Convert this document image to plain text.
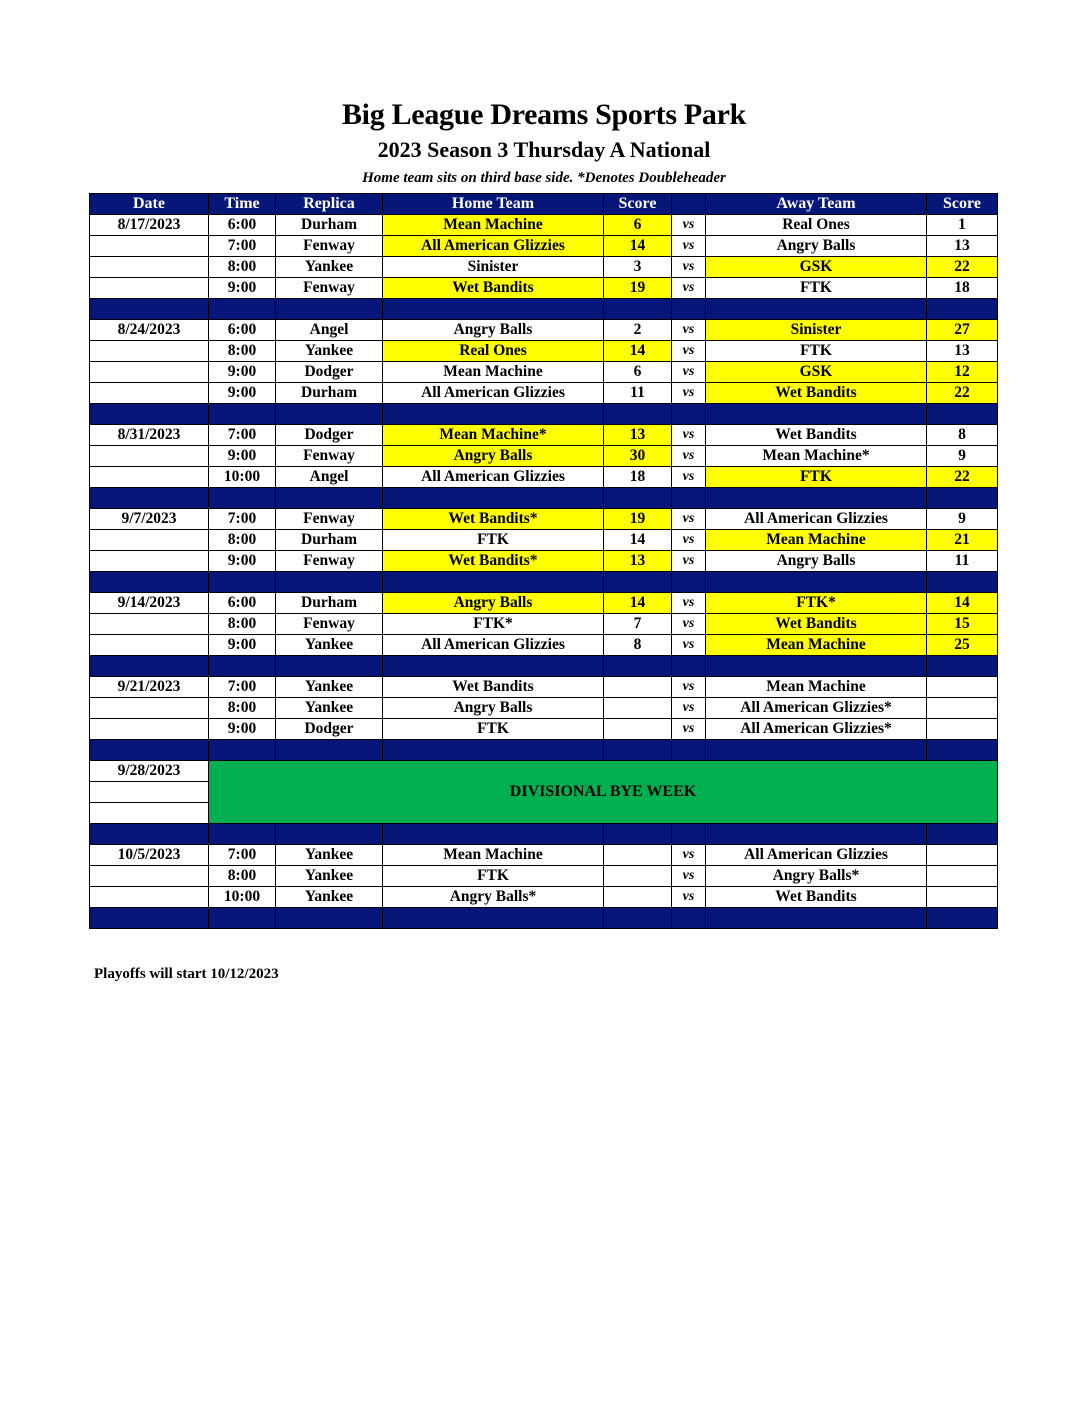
Big League Dreams Sports Park
2023 Season 3 Thursday A National
Home team sits on third base side. *Denotes Doubleheader
Date	Time	Replica	Home Team	Score		Away Team	Score
8/17/2023	6:00	Durham	Mean Machine	6	vs	Real Ones	1
	7:00	Fenway	All American Glizzies	14	vs	Angry Balls	13
	8:00	Yankee	Sinister	3	vs	GSK	22
	9:00	Fenway	Wet Bandits	19	vs	FTK	18

8/24/2023	6:00	Angel	Angry Balls	2	vs	Sinister	27
	8:00	Yankee	Real Ones	14	vs	FTK	13
	9:00	Dodger	Mean Machine	6	vs	GSK	12
	9:00	Durham	All American Glizzies	11	vs	Wet Bandits	22

8/31/2023	7:00	Dodger	Mean Machine*	13	vs	Wet Bandits	8
	9:00	Fenway	Angry Balls	30	vs	Mean Machine*	9
	10:00	Angel	All American Glizzies	18	vs	FTK	22

9/7/2023	7:00	Fenway	Wet Bandits*	19	vs	All American Glizzies	9
	8:00	Durham	FTK	14	vs	Mean Machine	21
	9:00	Fenway	Wet Bandits*	13	vs	Angry Balls	11

9/14/2023	6:00	Durham	Angry Balls	14	vs	FTK*	14
	8:00	Fenway	FTK*	7	vs	Wet Bandits	15
	9:00	Yankee	All American Glizzies	8	vs	Mean Machine	25

9/21/2023	7:00	Yankee	Wet Bandits		vs	Mean Machine	
	8:00	Yankee	Angry Balls		vs	All American Glizzies*	
	9:00	Dodger	FTK		vs	All American Glizzies*	

9/28/2023	DIVISIONAL BYE WEEK						

10/5/2023	7:00	Yankee	Mean Machine		vs	All American Glizzies	
	8:00	Yankee	FTK		vs	Angry Balls*	
	10:00	Yankee	Angry Balls*		vs	Wet Bandits	

Playoffs will start 10/12/2023
